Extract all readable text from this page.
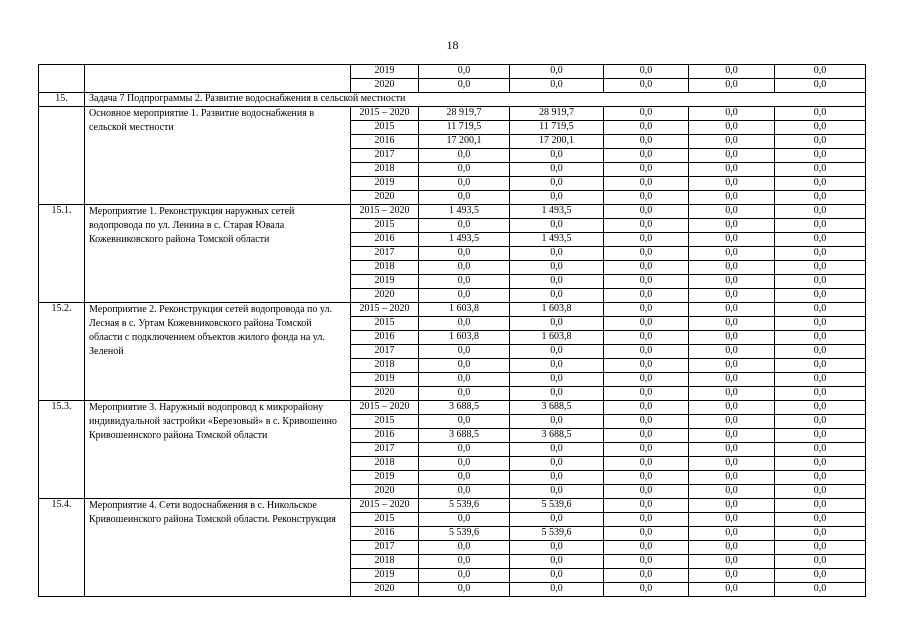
18
		2019	0,0	0,0	0,0	0,0	0,0
		2020	0,0	0,0	0,0	0,0	0,0
15.	Задача 7 Подпрограммы 2. Развитие водоснабжения в сельской местности						
	Основное мероприятие 1. Развитие водоснабжения в сельской местности	2015 – 2020	28 919,7	28 919,7	0,0	0,0	0,0
		2015	11 719,5	11 719,5	0,0	0,0	0,0
		2016	17 200,1	17 200,1	0,0	0,0	0,0
		2017	0,0	0,0	0,0	0,0	0,0
		2018	0,0	0,0	0,0	0,0	0,0
		2019	0,0	0,0	0,0	0,0	0,0
		2020	0,0	0,0	0,0	0,0	0,0
15.1.	Мероприятие 1. Реконструкция наружных сетей водопровода по ул. Ленина в с. Старая Ювала Кожевниковского района Томской области	2015 – 2020	1 493,5	1 493,5	0,0	0,0	0,0
		2015	0,0	0,0	0,0	0,0	0,0
		2016	1 493,5	1 493,5	0,0	0,0	0,0
		2017	0,0	0,0	0,0	0,0	0,0
		2018	0,0	0,0	0,0	0,0	0,0
		2019	0,0	0,0	0,0	0,0	0,0
		2020	0,0	0,0	0,0	0,0	0,0
15.2.	Мероприятие 2. Реконструкция сетей водопровода по ул. Лесная в с. Уртам Кожевниковского района Томской области с подключением объектов жилого фонда на ул. Зеленой	2015 – 2020	1 603,8	1 603,8	0,0	0,0	0,0
		2015	0,0	0,0	0,0	0,0	0,0
		2016	1 603,8	1 603,8	0,0	0,0	0,0
		2017	0,0	0,0	0,0	0,0	0,0
		2018	0,0	0,0	0,0	0,0	0,0
		2019	0,0	0,0	0,0	0,0	0,0
		2020	0,0	0,0	0,0	0,0	0,0
15.3.	Мероприятие 3. Наружный водопровод к микрорайону индивидуальной застройки «Березовый» в с. Кривошеино Кривошеинского района Томской области	2015 – 2020	3 688,5	3 688,5	0,0	0,0	0,0
		2015	0,0	0,0	0,0	0,0	0,0
		2016	3 688,5	3 688,5	0,0	0,0	0,0
		2017	0,0	0,0	0,0	0,0	0,0
		2018	0,0	0,0	0,0	0,0	0,0
		2019	0,0	0,0	0,0	0,0	0,0
		2020	0,0	0,0	0,0	0,0	0,0
15.4.	Мероприятие 4. Сети водоснабжения в с. Никольское Кривошеинского района Томской области. Реконструкция	2015 – 2020	5 539,6	5 539,6	0,0	0,0	0,0
		2015	0,0	0,0	0,0	0,0	0,0
		2016	5 539,6	5 539,6	0,0	0,0	0,0
		2017	0,0	0,0	0,0	0,0	0,0
		2018	0,0	0,0	0,0	0,0	0,0
		2019	0,0	0,0	0,0	0,0	0,0
		2020	0,0	0,0	0,0	0,0	0,0
